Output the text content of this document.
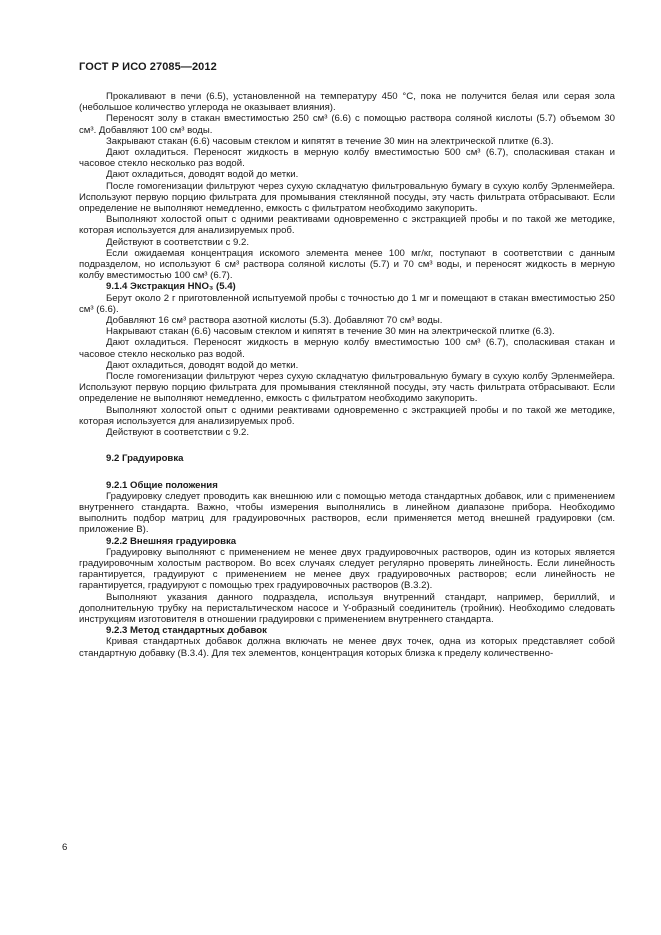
ГОСТ Р ИСО 27085—2012

Прокаливают в печи (6.5), установленной на температуру 450 °С, пока не получится белая или серая зола (небольшое количество углерода не оказывает влияния).

Переносят золу в стакан вместимостью 250 см³ (6.6) с помощью раствора соляной кислоты (5.7) объемом 30 см³. Добавляют 100 см³ воды.

Закрывают стакан (6.6) часовым стеклом и кипятят в течение 30 мин на электрической плитке (6.3).

Дают охладиться. Переносят жидкость в мерную колбу вместимостью 500 см³ (6.7), споласкивая стакан и часовое стекло несколько раз водой.

Дают охладиться, доводят водой до метки.

После гомогенизации фильтруют через сухую складчатую фильтровальную бумагу в сухую колбу Эрленмейера. Используют первую порцию фильтрата для промывания стеклянной посуды, эту часть фильтрата отбрасывают. Если определение не выполняют немедленно, емкость с фильтратом необходимо закупорить.

Выполняют холостой опыт с одними реактивами одновременно с экстракцией пробы и по такой же методике, которая используется для анализируемых проб.

Действуют в соответствии с 9.2.

Если ожидаемая концентрация искомого элемента менее 100 мг/кг, поступают в соответствии с данным подразделом, но используют 6 см³ раствора соляной кислоты (5.7) и 70 см³ воды, и переносят жидкость в мерную колбу вместимостью 100 см³ (6.7).

9.1.4 Экстракция HNO₃ (5.4)

Берут около 2 г приготовленной испытуемой пробы с точностью до 1 мг и помещают в стакан вместимостью 250 см³ (6.6).

Добавляют 16 см³ раствора азотной кислоты (5.3). Добавляют 70 см³ воды.

Накрывают стакан (6.6) часовым стеклом и кипятят в течение 30 мин на электрической плитке (6.3).

Дают охладиться. Переносят жидкость в мерную колбу вместимостью 100 см³ (6.7), споласкивая стакан и часовое стекло несколько раз водой.

Дают охладиться, доводят водой до метки.

После гомогенизации фильтруют через сухую складчатую фильтровальную бумагу в сухую колбу Эрленмейера. Используют первую порцию фильтрата для промывания стеклянной посуды, эту часть фильтрата отбрасывают. Если определение не выполняют немедленно, емкость с фильтратом необходимо закупорить.

Выполняют холостой опыт с одними реактивами одновременно с экстракцией пробы и по такой же методике, которая используется для анализируемых проб.

Действуют в соответствии с 9.2.

9.2 Градуировка

9.2.1 Общие положения

Градуировку следует проводить как внешнюю или с помощью метода стандартных добавок, или с применением внутреннего стандарта. Важно, чтобы измерения выполнялись в линейном диапазоне прибора. Необходимо выполнить подбор матриц для градуировочных растворов, если применяется метод внешней градуировки (см. приложение В).

9.2.2 Внешняя градуировка

Градуировку выполняют с применением не менее двух градуировочных растворов, один из которых является градуировочным холостым раствором. Во всех случаях следует регулярно проверять линейность. Если линейность гарантируется, градуируют с применением не менее двух градуировочных растворов; если линейность не гарантируется, градуируют с помощью трех градуировочных растворов (В.3.2).

Выполняют указания данного подраздела, используя внутренний стандарт, например, бериллий, и дополнительную трубку на перистальтическом насосе и Y-образный соединитель (тройник). Необходимо следовать инструкциям изготовителя в отношении градуировки с применением внутреннего стандарта.

9.2.3 Метод стандартных добавок

Кривая стандартных добавок должна включать не менее двух точек, одна из которых представляет собой стандартную добавку (В.3.4). Для тех элементов, концентрация которых близка к пределу количественно-

6
